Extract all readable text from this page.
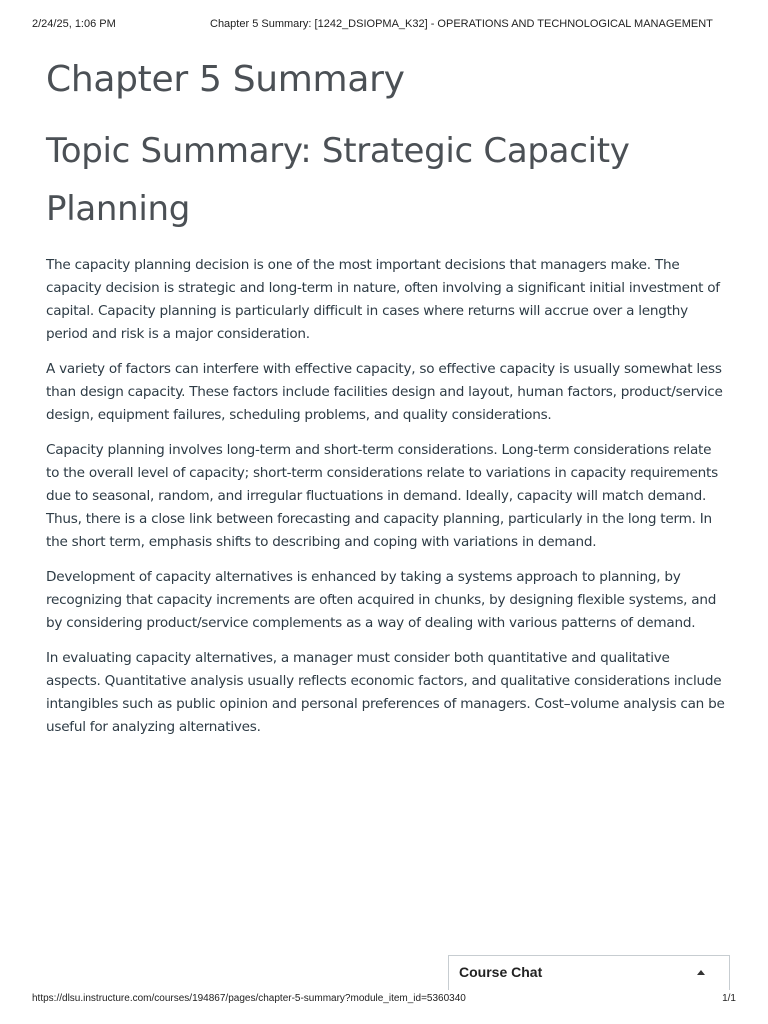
2/24/25, 1:06 PM	Chapter 5 Summary: [1242_DSIOPMA_K32] - OPERATIONS AND TECHNOLOGICAL MANAGEMENT
Chapter 5 Summary
Topic Summary: Strategic Capacity Planning

The capacity planning decision is one of the most important decisions that managers make. The capacity decision is strategic and long-term in nature, often involving a significant initial investment of capital. Capacity planning is particularly difficult in cases where returns will accrue over a lengthy period and risk is a major consideration.

A variety of factors can interfere with effective capacity, so effective capacity is usually somewhat less than design capacity. These factors include facilities design and layout, human factors, product/service design, equipment failures, scheduling problems, and quality considerations.

Capacity planning involves long-term and short-term considerations. Long-term considerations relate to the overall level of capacity; short-term considerations relate to variations in capacity requirements due to seasonal, random, and irregular fluctuations in demand. Ideally, capacity will match demand. Thus, there is a close link between forecasting and capacity planning, particularly in the long term. In the short term, emphasis shifts to describing and coping with variations in demand.

Development of capacity alternatives is enhanced by taking a systems approach to planning, by recognizing that capacity increments are often acquired in chunks, by designing flexible systems, and by considering product/service complements as a way of dealing with various patterns of demand.

In evaluating capacity alternatives, a manager must consider both quantitative and qualitative aspects. Quantitative analysis usually reflects economic factors, and qualitative considerations include intangibles such as public opinion and personal preferences of managers. Cost–volume analysis can be useful for analyzing alternatives.

Course Chat
https://dlsu.instructure.com/courses/194867/pages/chapter-5-summary?module_item_id=5360340	1/1
